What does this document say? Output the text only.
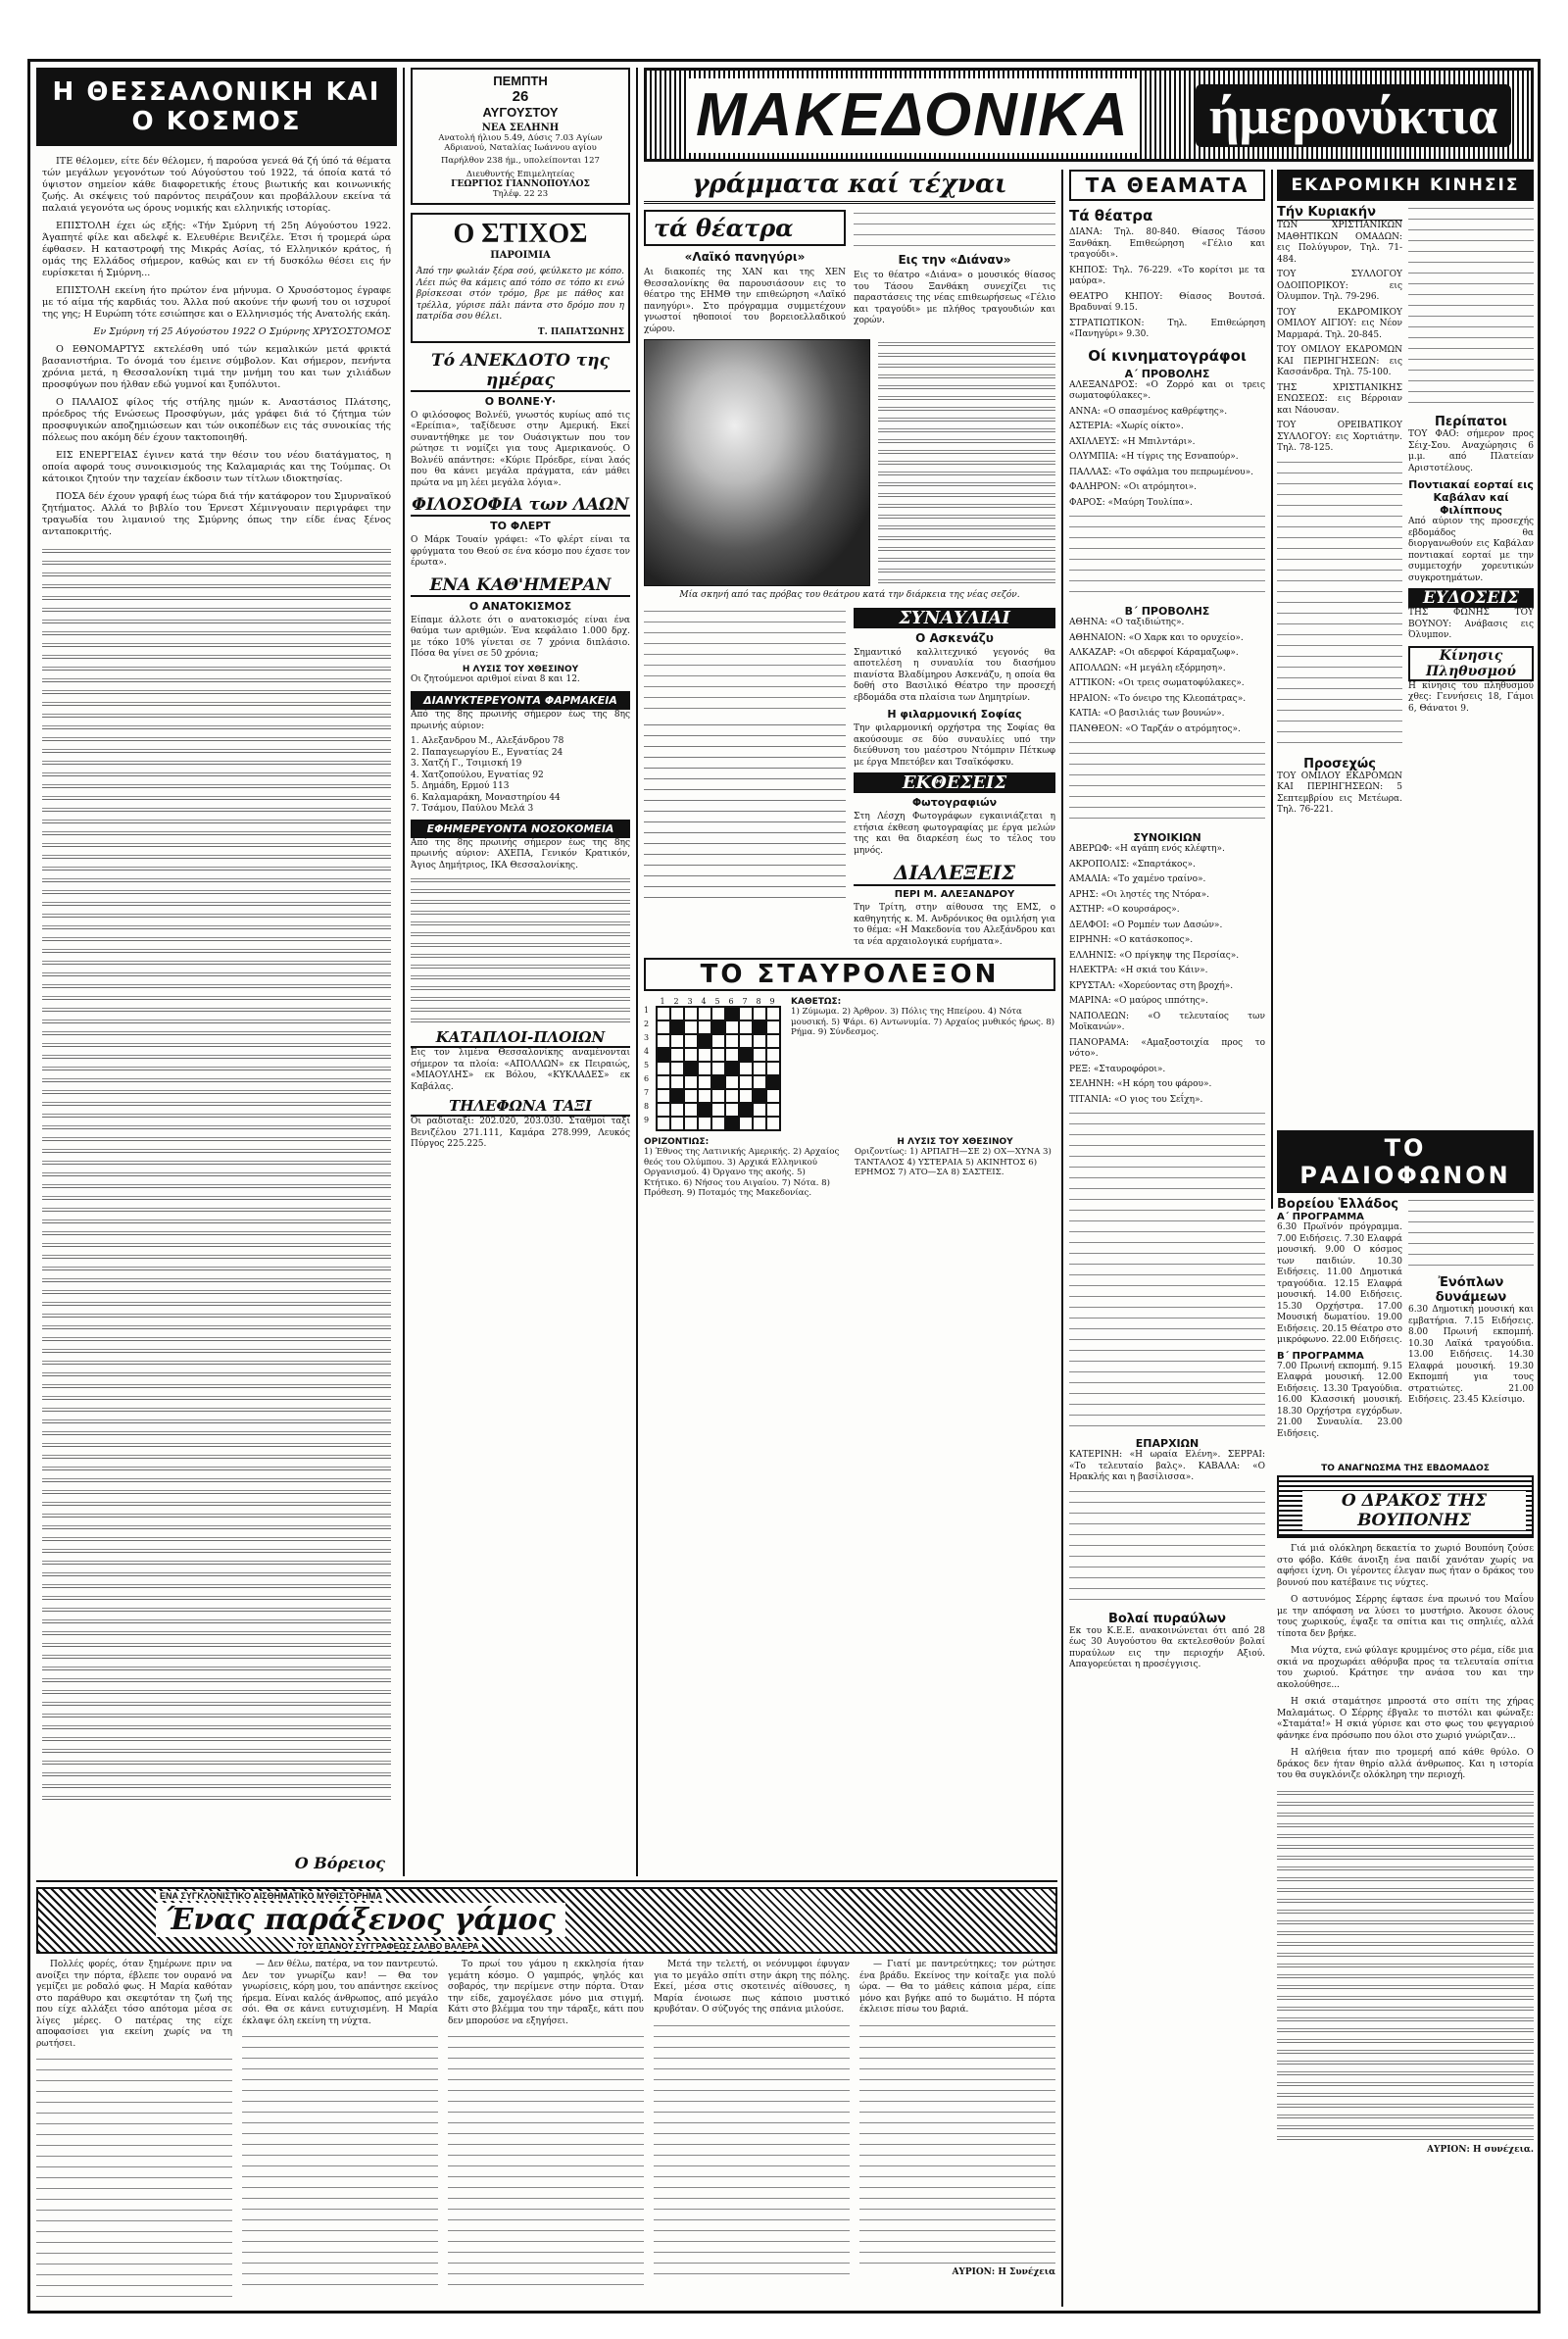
Η ΘΕΣΣΑΛΟΝΙΚΗ ΚΑΙ Ο ΚΟΣΜΟΣ

ΙΤΕ θέλομεν, είτε δέν θέλομεν, ή παρούσα γενεά θά ζή ύπό τά θέματα τών μεγάλων γεγονότων τού Αύγούστου τού 1922, τά όποία κατά τό ύψιστον σημείον κάθε διαφορετικής έτους βιωτικής και κοινωνικής ζωής. Αι σκέψεις τού παρόντος πειράζουν και προβάλλουν εκείνα τά παλαιά γεγονότα ως όρους νομικής και ελληνικής ιστορίας.

ΕΠΙΣΤΟΛΗ έχει ώς εξής: «Τήν Σμύρνη τή 25η Αύγούστου 1922. Άγαπητέ φίλε και αδελφέ κ. Ελευθέριε Βενιζέλε. Έτσι ή τρομερά ώρα έφθασεν. Η καταστροφή της Μικράς Ασίας, τό Ελληνικόν κράτος, ή ομάς της Ελλάδος σήμερον, καθώς και εν τή δυσκόλω θέσει εις ήν ευρίσκεται ή Σμύρνη...

ΕΠΙΣΤΟΛΗ εκείνη ήτο πρώτον ένα μήνυμα. Ο Χρυσόστομος έγραφε με τό αίμα τής καρδιάς του. Άλλα πού ακούνε τήν φωνή του οι ισχυροί της γης; Η Ευρώπη τότε εσιώπησε και ο Ελληνισμός τής Ανατολής εκάη.

Εν Σμύρνη τή 25 Αύγούστου 1922 Ο Σμύρνης ΧΡΥΣΟΣΤΟΜΟΣ

Ο ΕΘΝΟΜΑΡΤΥΣ εκτελέσθη υπό τών κεμαλικών μετά φρικτά βασανιστήρια. Το όνομά του έμεινε σύμβολον. Και σήμερον, πενήντα χρόνια μετά, η Θεσσαλονίκη τιμά την μνήμη του και των χιλιάδων προσφύγων που ήλθαν εδώ γυμνοί και ξυπόλυτοι.

Ο ΠΑΛΑΙΟΣ φίλος τής στήλης ημών κ. Αναστάσιος Πλάτσης, πρόεδρος τής Ενώσεως Προσφύγων, μάς γράφει διά τό ζήτημα τών προσφυγικών αποζημιώσεων και τών οικοπέδων εις τάς συνοικίας τής πόλεως που ακόμη δέν έχουν τακτοποιηθή.

ΕΙΣ ΕΝΕΡΓΕΙΑΣ έγινεν κατά την θέσιν του νέου διατάγματος, η οποία αφορά τους συνοικισμούς της Καλαμαριάς και της Τούμπας. Οι κάτοικοι ζητούν την ταχείαν έκδοσιν των τίτλων ιδιοκτησίας.

ΠΟΣΑ δέν έχουν γραφή έως τώρα διά τήν κατάφορον του Σμυρναϊκού ζητήματος. Αλλά το βιβλίο του Έρνεστ Χέμινγουαιν περιγράφει την τραγωδία του λιμανιού της Σμύρνης όπως την είδε ένας ξένος ανταποκριτής.

Ο Βόρειος
ΠΕΜΠΤΗ
26
ΑΥΓΟΥΣΤΟΥ
ΝΕΑ ΣΕΛΗΝΗ
Ανατολή ήλιου 5.49, Δύσις 7.03 Αγίων Αδριανού, Ναταλίας Ιωάννου αγίου
Παρήλθον 238 ήμ., υπολείπονται 127
Διευθυντής Επιμελητείας
ΓΕΩΡΓΙΟΣ ΓΙΑΝΝΟΠΟΥΛΟΣ
Τηλέφ. 22 23
Ο ΣΤΙΧΟΣ
ΠΑΡΟΙΜΙΑ
Άπό την φωλιάν ξέρα σού, φεύλκετο με κόπο. Λέει πώς θα κάμεις από τόπο σε τόπο κι ενώ βρίσκεσαι στόν τρόμο, βρε με πάθος και τρέλλα, γύρισε πάλι πάντα στο δρόμο που η πατρίδα σου θέλει.
Τ. ΠΑΠΑΤΣΩΝΗΣ
Τό ΑΝΕΚΔΟΤΟ της ημέρας
Ο ΒΟΛΝΕ·Υ·
Ο φιλόσοφος Βολνέϋ, γνωστός κυρίως από τις «Ερείπια», ταξίδευσε στην Αμερική. Εκεί συναντήθηκε με τον Ουάσιγκτων που τον ρώτησε τι νομίζει για τους Αμερικανούς. Ο Βολνέϋ απάντησε: «Κύριε Πρόεδρε, είναι λαός που θα κάνει μεγάλα πράγματα, εάν μάθει πρώτα να μη λέει μεγάλα λόγια».
ΦΙΛΟΣΟΦΙΑ των ΛΑΩΝ
ΤΟ ΦΛΕΡΤ
Ο Μάρκ Τουαίν γράφει: «Το φλέρτ είναι τα φρύγματα του Θεού σε ένα κόσμο που έχασε τον έρωτα».
ΕΝΑ ΚΑΘ'ΗΜΕΡΑΝ
Ο ΑΝΑΤΟΚΙΣΜΟΣ
Είπαμε άλλοτε ότι ο ανατοκισμός είναι ένα θαύμα των αριθμών. Ένα κεφάλαιο 1.000 δρχ. με τόκο 10% γίνεται σε 7 χρόνια διπλάσιο. Πόσα θα γίνει σε 50 χρόνια;
Η ΛΥΣΙΣ ΤΟΥ ΧΘΕΣΙΝΟΥ
Οι ζητούμενοι αριθμοί είναι 8 και 12.
ΔΙΑΝΥΚΤΕΡΕΥΟΝΤΑ ΦΑΡΜΑΚΕΙΑ
Από της 8ης πρωινής σήμερον έως της 8ης πρωινής αύριον:
1. Αλεξανδρου Μ., Αλεξάνδρου 78
2. Παπαγεωργίου Ε., Εγνατίας 24
3. Χατζή Γ., Τσιμισκή 19
4. Χατζοπούλου, Εγνατίας 92
5. Δημάδη, Ερμού 113
6. Καλαμαράκη, Μοναστηρίου 44
7. Τσάμου, Παύλου Μελά 3
ΕΦΗΜΕΡΕΥΟΝΤΑ ΝΟΣΟΚΟΜΕΙΑ
Από της 8ης πρωινής σήμερον έως της 8ης πρωινής αύριον: ΑΧΕΠΑ, Γενικόν Κρατικόν, Άγιος Δημήτριος, ΙΚΑ Θεσσαλονίκης.
ΚΑΤΑΠΛΟΙ-ΠΛΟΙΩΝ
Εις τον λιμένα Θεσσαλονίκης αναμένονται σήμερον τα πλοία: «ΑΠΟΛΛΩΝ» εκ Πειραιώς, «ΜΙΑΟΥΛΗΣ» εκ Βόλου, «ΚΥΚΛΑΔΕΣ» εκ Καβάλας.
ΤΗΛΕΦΩΝΑ ΤΑΞΙ
Οι ραδιοταξί: 202.020, 203.030. Σταθμοί ταξί Βενιζέλου 271.111, Καμάρα 278.999, Λευκός Πύργος 225.225.
ΜΑΚΕΔΟΝΙΚΑ ήμερονύκτια
γράμματα καί τέχναι
τά θέατρα
«Λαϊκό πανηγύρι»
Αι διακοπές της ΧΑΝ και της ΧΕΝ Θεσσαλονίκης θα παρουσιάσουν εις το θέατρο της ΕΗΜΘ την επιθεώρηση «Λαϊκό πανηγύρι». Στο πρόγραμμα συμμετέχουν γνωστοί ηθοποιοί του βορειοελλαδικού χώρου.
Εις την «Διάναν»
Εις το θέατρο «Διάνα» ο μουσικός θίασος του Τάσου Ξανθάκη συνεχίζει τις παραστάσεις της νέας επιθεωρήσεως «Γέλιο και τραγούδι» με πλήθος τραγουδιών και χορών.
Μία σκηνή από τας πρόβας του θεάτρου κατά την διάρκεια της νέας σεζόν.
ΣΥΝΑΥΛΙΑΙ
Ο Ασκενάζυ
Σημαντικό καλλιτεχνικό γεγονός θα αποτελέση η συναυλία του διασήμου πιανίστα Βλαδίμηρου Ασκενάζυ, η οποία θα δοθή στο Βασιλικό Θέατρο την προσεχή εβδομάδα στα πλαίσια των Δημητρίων.
Η φιλαρμονική Σοφίας
Την φιλαρμονική ορχήστρα της Σοφίας θα ακούσουμε σε δύο συναυλίες υπό την διεύθυνση του μαέστρου Ντόμπριν Πέτκωφ με έργα Μπετόβεν και Τσαϊκόφσκυ.
ΕΚΘΕΣΕΙΣ
Φωτογραφιών
Στη Λέσχη Φωτογράφων εγκαινιάζεται η ετήσια έκθεση φωτογραφίας με έργα μελών της και θα διαρκέση έως το τέλος του μηνός.
ΔΙΑΛΕΞΕΙΣ
ΠΕΡΙ Μ. ΑΛΕΞΑΝΔΡΟΥ
Την Τρίτη, στην αίθουσα της ΕΜΣ, ο καθηγητής κ. Μ. Ανδρόνικος θα ομιλήση για το θέμα: «Η Μακεδονία του Αλεξάνδρου και τα νέα αρχαιολογικά ευρήματα».
ΤΟ ΣΤΑΥΡΟΛΕΞΟΝ
1	2	3	4	5	6	7	8	9
1
2
3
4
5
6
7
8
9
ΚΑΘΕΤΩΣ:
1) Ζύμωμα. 2) Άρθρον. 3) Πόλις της Ηπείρου. 4) Νότα μουσική. 5) Ψάρι. 6) Αντωνυμία. 7) Αρχαίος μυθικός ήρως. 8) Ρήμα. 9) Σύνδεσμος.
ΟΡΙΖΟΝΤΙΩΣ:
1) Έθνος της Λατινικής Αμερικής. 2) Αρχαίος θεός του Ολύμπου. 3) Αρχικά Ελληνικού Οργανισμού. 4) Όργανο της ακοής. 5) Κτήτικο. 6) Νήσος του Αιγαίου. 7) Νότα. 8) Πρόθεση. 9) Ποταμός της Μακεδονίας.
Η ΛΥΣΙΣ ΤΟΥ ΧΘΕΣΙΝΟΥ
Οριζοντίως: 1) ΑΡΠΑΓΗ—ΣΕ 2) ΟΧ—ΧΥΝΑ 3) ΤΑΝΤΑΛΟΣ 4) ΥΣΤΕΡΑΙΑ 5) ΑΚΙΝΗΤΟΣ 6) ΕΡΗΜΟΣ 7) ΑΤΟ—ΣΑ 8) ΣΑΣΤΕΙΣ.
ΤΑ ΘΕΑΜΑΤΑ
Τά θέατρα
ΔΙΑΝΑ: Τηλ. 80-840. Θίασος Τάσου Ξανθάκη. Επιθεώρηση «Γέλιο και τραγούδι».
ΚΗΠΟΣ: Τηλ. 76-229. «Το κορίτσι με τα μαύρα».
ΘΕΑΤΡΟ ΚΗΠΟΥ: Θίασος Βουτσά. Βραδυναί 9.15.
ΣΤΡΑΤΙΩΤΙΚΟΝ: Τηλ. Επιθεώρηση «Πανηγύρι» 9.30.
Οί κινηματογράφοι
Α΄ ΠΡΟΒΟΛΗΣ
ΑΛΕΞΑΝΔΡΟΣ: «Ο Ζορρό και οι τρεις σωματοφύλακες».
ΑΝΝΑ: «Ο σπασμένος καθρέφτης».
ΑΣΤΕΡΙΑ: «Χωρίς οίκτο».
ΑΧΙΛΛΕΥΣ: «Η Μπιλντάρι».
ΟΛΥΜΠΙΑ: «Η τίγρις της Εσναπούρ».
ΠΑΛΛΑΣ: «Το σφάλμα του πεπρωμένου».
ΦΑΛΗΡΟΝ: «Οι ατρόμητοι».
ΦΑΡΟΣ: «Μαύρη Τουλίπα».
Β΄ ΠΡΟΒΟΛΗΣ
ΑΘΗΝΑ: «Ο ταξιδιώτης».
ΑΘΗΝΑΙΟΝ: «Ο Χαρκ και το ορυχείο».
ΑΛΚΑΖΑΡ: «Οι αδερφοί Κάραμαζωφ».
ΑΠΟΛΛΩΝ: «Η μεγάλη εξόρμηση».
ΑΤΤΙΚΟΝ: «Οι τρεις σωματοφύλακες».
ΗΡΑΙΟΝ: «Το όνειρο της Κλεοπάτρας».
ΚΑΤΙΑ: «Ο βασιλιάς των βουνών».
ΠΑΝΘΕΟΝ: «Ο Ταρζάν ο ατρόμητος».
ΣΥΝΟΙΚΙΩΝ
ΑΒΕΡΩΦ: «Η αγάπη ενός κλέφτη».
ΑΚΡΟΠΟΛΙΣ: «Σπαρτάκος».
ΑΜΑΛΙΑ: «Το χαμένο τραίνο».
ΑΡΗΣ: «Οι ληστές της Ντόρα».
ΑΣΤΗΡ: «Ο κουρσάρος».
ΔΕΛΦΟΙ: «Ο Ρομπέν των Δασών».
ΕΙΡΗΝΗ: «Ο κατάσκοπος».
ΕΛΛΗΝΙΣ: «Ο πρίγκηψ της Περσίας».
ΗΛΕΚΤΡΑ: «Η σκιά του Κάιν».
ΚΡΥΣΤΑΛ: «Χορεύοντας στη βροχή».
ΜΑΡΙΝΑ: «Ο μαύρος ιππότης».
ΝΑΠΟΛΕΩΝ: «Ο τελευταίος των Μοϊκανών».
ΠΑΝΟΡΑΜΑ: «Αμαξοστοιχία προς το νότο».
ΡΕΞ: «Σταυροφόροι».
ΣΕΛΗΝΗ: «Η κόρη του φάρου».
ΤΙΤΑΝΙΑ: «Ο γιος του Σεΐχη».
ΕΠΑΡΧΙΩΝ
ΚΑΤΕΡΙΝΗ: «Η ωραία Ελένη». ΣΕΡΡΑΙ: «Το τελευταίο βαλς». ΚΑΒΑΛΑ: «Ο Ηρακλής και η βασίλισσα».
Βολαί πυραύλων
Εκ του Κ.Ε.Ε. ανακοινώνεται ότι από 28 έως 30 Αυγούστου θα εκτελεσθούν βολαί πυραύλων εις την περιοχήν Αξιού. Απαγορεύεται η προσέγγισις.
ΕΚΔΡΟΜΙΚΗ ΚΙΝΗΣΙΣ
Τήν Κυριακήν
ΤΩΝ ΧΡΙΣΤΙΑΝΙΚΩΝ ΜΑΘΗΤΙΚΩΝ ΟΜΑΔΩΝ: εις Πολύγυρον, Τηλ. 71-484.
ΤΟΥ ΣΥΛΛΟΓΟΥ ΟΔΟΙΠΟΡΙΚΟΥ: εις Όλυμπον. Τηλ. 79-296.
ΤΟΥ ΕΚΔΡΟΜΙΚΟΥ ΟΜΙΛΟΥ ΑΙΓΙΟΥ: εις Νέον Μαρμαρά. Τηλ. 20-845.
ΤΟΥ ΟΜΙΛΟΥ ΕΚΔΡΟΜΩΝ ΚΑΙ ΠΕΡΙΗΓΗΣΕΩΝ: εις Κασσάνδρα. Τηλ. 75-100.
ΤΗΣ ΧΡΙΣΤΙΑΝΙΚΗΣ ΕΝΩΣΕΩΣ: εις Βέρροιαν και Νάουσαν.
ΤΟΥ ΟΡΕΙΒΑΤΙΚΟΥ ΣΥΛΛΟΓΟΥ: εις Χορτιάτην. Τηλ. 78-125.
Προσεχώς
ΤΟΥ ΟΜΙΛΟΥ ΕΚΔΡΟΜΩΝ ΚΑΙ ΠΕΡΙΗΓΗΣΕΩΝ: 5 Σεπτεμβρίου εις Μετέωρα. Τηλ. 76-221.
Περίπατοι
ΤΟΥ ΦΑΟ: σήμερον προς Σέιχ-Σου. Αναχώρησις 6 μ.μ. από Πλατείαν Αριστοτέλους.
Ποντιακαί εορταί εις Καβάλαν καί Φιλίππους
Από αύριον της προσεχής εβδομάδος θα διοργανωθούν εις Καβάλαν ποντιακαί εορταί με την συμμετοχήν χορευτικών συγκροτημάτων.
ΕΥΔΟΣΕΙΣ
ΤΗΣ ΦΩΝΗΣ ΤΟΥ ΒΟΥΝΟΥ: Ανάβασις εις Όλυμπον.
Κίνησις Πληθυσμού
Η κίνησις του πληθυσμού χθες: Γεννήσεις 18, Γάμοι 6, Θάνατοι 9.
ΤΟ ΡΑΔΙΟΦΩΝΟΝ
Βορείου Ἑλλάδος
Α΄ ΠΡΟΓΡΑΜΜΑ
6.30 Πρωϊνόν πρόγραμμα. 7.00 Ειδήσεις. 7.30 Ελαφρά μουσική. 9.00 Ο κόσμος των παιδιών. 10.30 Ειδήσεις. 11.00 Δημοτικά τραγούδια. 12.15 Ελαφρά μουσική. 14.00 Ειδήσεις. 15.30 Ορχήστρα. 17.00 Μουσική δωματίου. 19.00 Ειδήσεις. 20.15 Θέατρο στο μικρόφωνο. 22.00 Ειδήσεις.
Β΄ ΠΡΟΓΡΑΜΜΑ
7.00 Πρωινή εκπομπή. 9.15 Ελαφρά μουσική. 12.00 Ειδήσεις. 13.30 Τραγούδια. 16.00 Κλασσική μουσική. 18.30 Ορχήστρα εγχόρδων. 21.00 Συναυλία. 23.00 Ειδήσεις.
Ἐνόπλων δυνάμεων
6.30 Δημοτική μουσική και εμβατήρια. 7.15 Ειδήσεις. 8.00 Πρωινή εκπομπή. 10.30 Λαϊκά τραγούδια. 13.00 Ειδήσεις. 14.30 Ελαφρά μουσική. 19.30 Εκπομπή για τους στρατιώτες. 21.00 Ειδήσεις. 23.45 Κλείσιμο.
ΤΟ ΑΝΑΓΝΩΣΜΑ ΤΗΣ ΕΒΔΟΜΑΔΟΣ
Ο ΔΡΑΚΟΣ ΤΗΣ ΒΟΥΠΟΝΗΣ

Γιά μιά ολόκληρη δεκαετία το χωριό Βουπόνη ζούσε στο φόβο. Κάθε άνοιξη ένα παιδί χανόταν χωρίς να αφήσει ίχνη. Οι γέροντες έλεγαν πως ήταν ο δράκος του βουνού που κατέβαινε τις νύχτες.

Ο αστυνόμος Σέρρης έφτασε ένα πρωινό του Μαΐου με την απόφαση να λύσει το μυστήριο. Άκουσε όλους τους χωρικούς, έψαξε τα σπίτια και τις σπηλιές, αλλά τίποτα δεν βρήκε.

Μια νύχτα, ενώ φύλαγε κρυμμένος στο ρέμα, είδε μια σκιά να προχωράει αθόρυβα προς τα τελευταία σπίτια του χωριού. Κράτησε την ανάσα του και την ακολούθησε...

Η σκιά σταμάτησε μπροστά στο σπίτι της χήρας Μαλαμάτως. Ο Σέρρης έβγαλε το πιστόλι και φώναξε: «Σταμάτα!» Η σκιά γύρισε και στο φως του φεγγαριού φάνηκε ένα πρόσωπο που όλοι στο χωριό γνώριζαν...

Η αλήθεια ήταν πιο τρομερή από κάθε θρύλο. Ο δράκος δεν ήταν θηρίο αλλά άνθρωπος. Και η ιστορία του θα συγκλόνιζε ολόκληρη την περιοχή.

ΑΥΡΙΟΝ: Η συνέχεια.
ΕΝΑ ΣΥΓΚΛΟΝΙΣΤΙΚΟ ΑΙΣΘΗΜΑΤΙΚΟ ΜΥΘΙΣΤΟΡΗΜΑ
Ένας παράξενος γάμος
ΤΟΥ ΙΣΠΑΝΟΥ ΣΥΓΓΡΑΦΕΩΣ ΣΑΛΒΟ ΒΑΛΕΡΑ

Πολλές φορές, όταν ξημέρωνε πριν να ανοίξει την πόρτα, έβλεπε τον ουρανό να γεμίζει με ροδαλό φως. Η Μαρία καθόταν στο παράθυρο και σκεφτόταν τη ζωή της που είχε αλλάξει τόσο απότομα μέσα σε λίγες μέρες. Ο πατέρας της είχε αποφασίσει για εκείνη χωρίς να τη ρωτήσει.

— Δεν θέλω, πατέρα, να τον παντρευτώ. Δεν τον γνωρίζω καν! — Θα τον γνωρίσεις, κόρη μου, του απάντησε εκείνος ήρεμα. Είναι καλός άνθρωπος, από μεγάλο σόι. Θα σε κάνει ευτυχισμένη. Η Μαρία έκλαψε όλη εκείνη τη νύχτα.

Το πρωί του γάμου η εκκλησία ήταν γεμάτη κόσμο. Ο γαμπρός, ψηλός και σοβαρός, την περίμενε στην πόρτα. Όταν την είδε, χαμογέλασε μόνο μια στιγμή. Κάτι στο βλέμμα του την τάραξε, κάτι που δεν μπορούσε να εξηγήσει.

Μετά την τελετή, οι νεόνυμφοι έφυγαν για το μεγάλο σπίτι στην άκρη της πόλης. Εκεί, μέσα στις σκοτεινές αίθουσες, η Μαρία ένοιωσε πως κάποιο μυστικό κρυβόταν. Ο σύζυγός της σπάνια μιλούσε.

— Γιατί με παντρεύτηκες; τον ρώτησε ένα βράδυ. Εκείνος την κοίταξε για πολύ ώρα. — Θα το μάθεις κάποια μέρα, είπε μόνο και βγήκε από το δωμάτιο. Η πόρτα έκλεισε πίσω του βαριά.

ΑΥΡΙΟΝ: Η Συνέχεια
